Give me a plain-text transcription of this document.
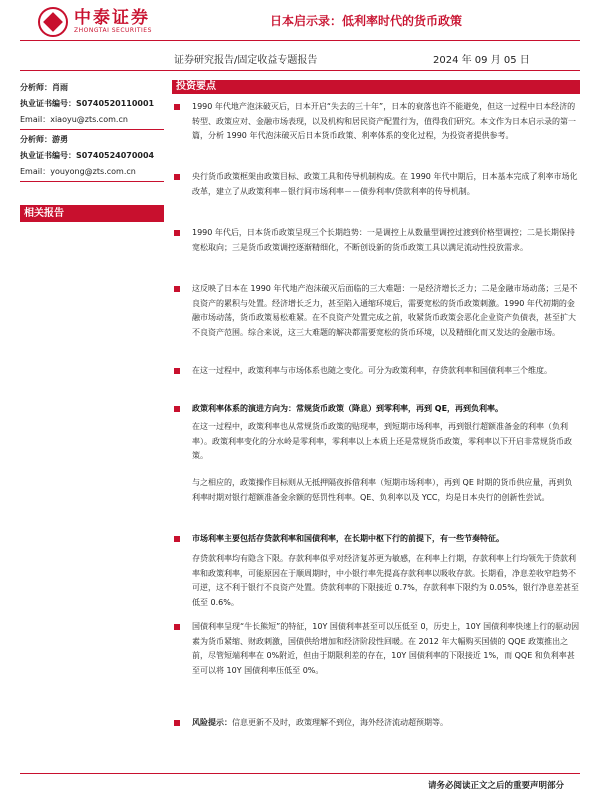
中泰证券
ZHONGTAI SECURITIES
日本启示录：低利率时代的货币政策
证券研究报告/固定收益专题报告	2024 年 09 月 05 日
分析师：肖雨
执业证书编号：S0740520110001
Email：xiaoyu@zts.com.cn
分析师：游勇
执业证书编号：S0740524070004
Email：youyong@zts.com.cn
相关报告
投资要点
1990 年代地产泡沫破灭后，日本开启“失去的三十年”，日本的衰落也许不能避免，但这一过程中日本经济的转型、政策应对、金融市场表现，以及机构和居民资产配置行为，值得我们研究。本文作为日本启示录的第一篇，分析 1990 年代泡沫破灭后日本货币政策、利率体系的变化过程，为投资者提供参考。
央行货币政策框架由政策目标、政策工具和传导机制构成。在 1990 年代中期后，日本基本完成了利率市场化改革，建立了从政策利率－银行间市场利率－－债券利率/贷款利率的传导机制。
1990 年代后，日本货币政策呈现三个长期趋势：一是调控上从数量型调控过渡到价格型调控；二是长期保持宽松取向；三是货币政策调控逐渐精细化，不断创设新的货币政策工具以满足流动性投放需求。
这反映了日本在 1990 年代地产泡沫破灭后面临的三大难题：一是经济增长乏力；二是金融市场动荡；三是不良资产的累积与处置。经济增长乏力，甚至陷入通缩环境后，需要宽松的货币政策刺激。1990 年代初期的金融市场动荡，货币政策易松难紧。在不良资产处置完成之前，收紧货币政策会恶化企业资产负债表，甚至扩大不良资产范围。综合来说，这三大难题的解决都需要宽松的货币环境，以及精细化而又发达的金融市场。
在这一过程中，政策利率与市场体系也随之变化。可分为政策利率，存贷款利率和国债利率三个维度。
政策利率体系的演进方向为：常规货币政策（降息）到零利率，再到 QE，再到负利率。
在这一过程中，政策利率也从常规货币政策的贴现率，到短期市场利率，再到银行超额准备金的利率（负利率）。政策利率变化的分水岭是零利率，零利率以上本质上还是常规货币政策，零利率以下开启非常规货币政策。
与之相应的，政策操作目标则从无抵押隔夜拆借利率（短期市场利率），再到 QE 时期的货币供应量，再到负利率时期对银行超额准备金余额的惩罚性利率。QE、负利率以及 YCC，均是日本央行的创新性尝试。
市场利率主要包括存贷款利率和国债利率，在长期中枢下行的前提下，有一些节奏特征。
存贷款利率均有隐含下限。存款利率似乎对经济复苏更为敏感，在利率上行期，存款利率上行均领先于贷款利率和政策利率，可能原因在于顺周期时，中小银行率先提高存款利率以吸收存款。长期看，净息差收窄趋势不可逆，这不利于银行不良资产处置。贷款利率的下限接近 0.7%，存款利率下限约为 0.05%，银行净息差甚至低至 0.6%。
国债利率呈现“牛长熊短”的特征，10Y 国债利率甚至可以压低至 0，历史上，10Y 国债利率快速上行的驱动因素为货币紧缩、财政刺激，国债供给增加和经济阶段性回暖。在 2012 年大幅购买国债的 QQE 政策推出之前，尽管短端利率在 0%附近，但由于期限利差的存在，10Y 国债利率的下限接近 1%，而 QQE 和负利率甚至可以将 10Y 国债利率压低至 0%。
风险提示：信息更新不及时，政策理解不到位，海外经济流动超预期等。
请务必阅读正文之后的重要声明部分
